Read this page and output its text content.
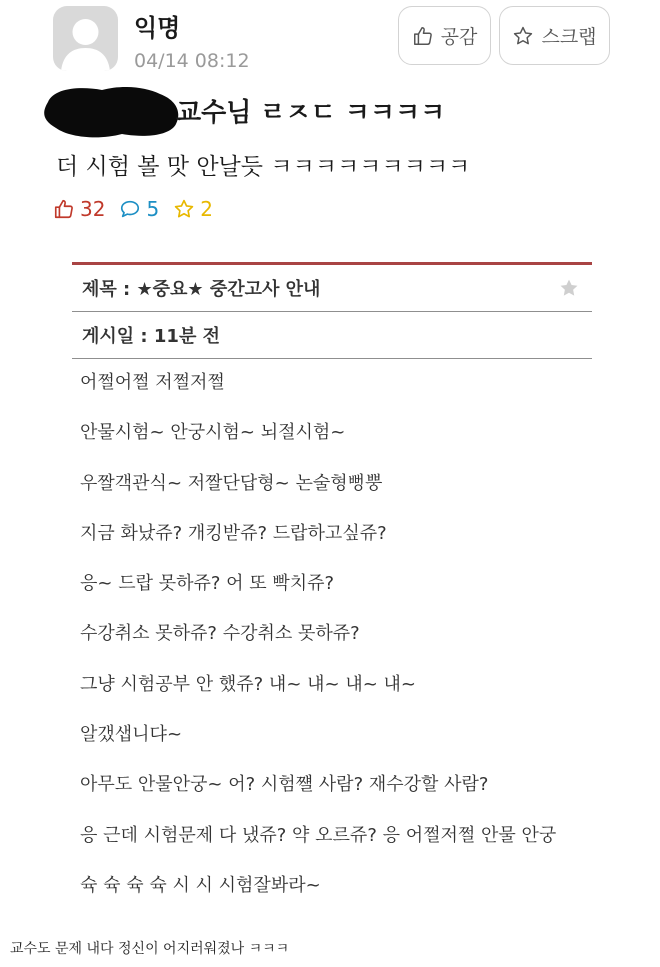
익명
04/14 08:12
공감	스크랩
교수님 ㄹㅈㄷ ㅋㅋㅋㅋ
더 시험 볼 맛 안날듯 ㅋㅋㅋㅋㅋㅋㅋㅋㅋ
32 5 2
제목 : ★중요★ 중간고사 안내
게시일 : 11분 전
어쩔어쩔 저쩔저쩔
안물시험~ 안궁시험~ 뇌절시험~
우짤객관식~ 저짤단답형~ 논술형뻥뿡
지금 화났쥬? 개킹받쥬? 드랍하고싶쥬?
응~ 드랍 못하쥬? 어 또 빡치쥬?
수강취소 못하쥬? 수강취소 못하쥬?
그냥 시험공부 안 했쥬? 냬~ 냬~ 냬~ 냬~
알갰샙니댜~
아무도 안물안궁~ 어? 시험쨸 사람? 재수강할 사람?
응 근데 시험문제 다 냈쥬? 약 오르쥬? 응 어쩔저쩔 안물 안궁
슉 슉 슉 슉 시 시 시험잘봐라~
교수도 문제 내다 정신이 어지러워졌나 ㅋㅋㅋ
